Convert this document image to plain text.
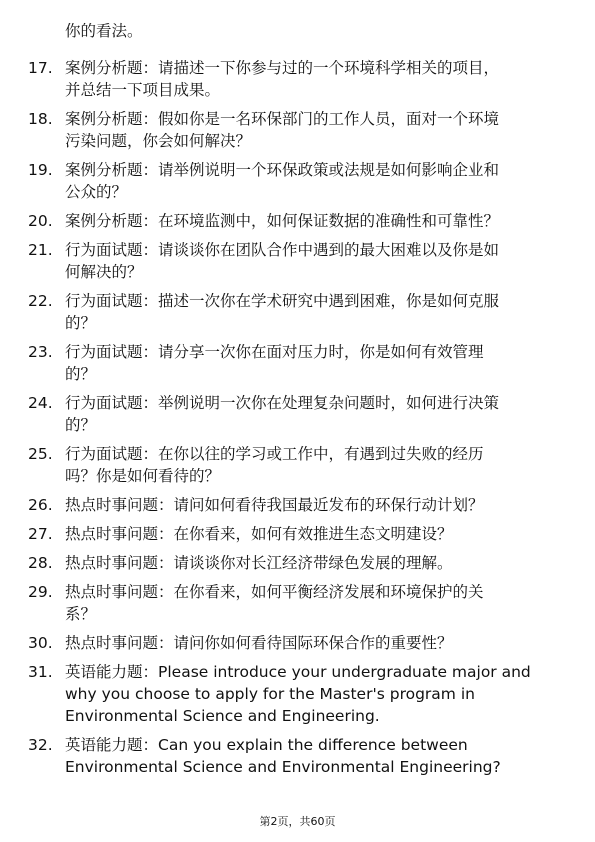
你的看法。
17. 案例分析题：请描述一下你参与过的一个环境科学相关的项目，
并总结一下项目成果。
18. 案例分析题：假如你是一名环保部门的工作人员，面对一个环境
污染问题，你会如何解决？
19. 案例分析题：请举例说明一个环保政策或法规是如何影响企业和
公众的？
20. 案例分析题：在环境监测中，如何保证数据的准确性和可靠性？
21. 行为面试题：请谈谈你在团队合作中遇到的最大困难以及你是如
何解决的？
22. 行为面试题：描述一次你在学术研究中遇到困难，你是如何克服
的？
23. 行为面试题：请分享一次你在面对压力时，你是如何有效管理
的？
24. 行为面试题：举例说明一次你在处理复杂问题时，如何进行决策
的？
25. 行为面试题：在你以往的学习或工作中，有遇到过失败的经历
吗？你是如何看待的？
26. 热点时事问题：请问如何看待我国最近发布的环保行动计划？
27. 热点时事问题：在你看来，如何有效推进生态文明建设？
28. 热点时事问题：请谈谈你对长江经济带绿色发展的理解。
29. 热点时事问题：在你看来，如何平衡经济发展和环境保护的关
系？
30. 热点时事问题：请问你如何看待国际环保合作的重要性？
31. 英语能力题：Please introduce your undergraduate major and
why you choose to apply for the Master's program in
Environmental Science and Engineering.
32. 英语能力题：Can you explain the difference between
Environmental Science and Environmental Engineering?
第2页，共60页
